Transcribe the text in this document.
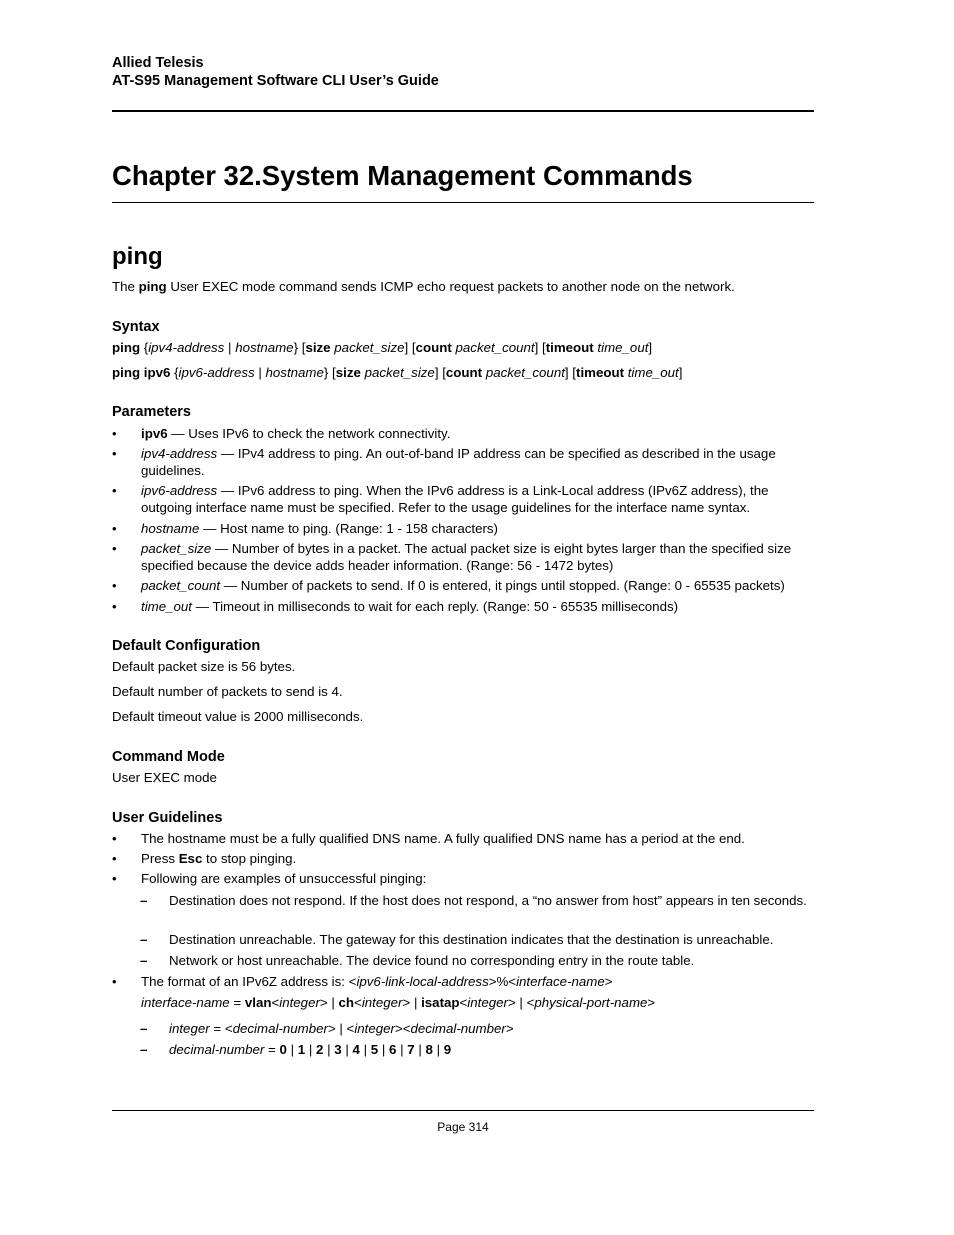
Allied Telesis
AT-S95 Management Software CLI User’s Guide
Chapter 32.System Management Commands
ping
The ping User EXEC mode command sends ICMP echo request packets to another node on the network.
Syntax
ping {ipv4-address | hostname} [size packet_size] [count packet_count] [timeout time_out]
ping ipv6 {ipv6-address | hostname} [size packet_size] [count packet_count] [timeout time_out]
Parameters
• ipv6 — Uses IPv6 to check the network connectivity.
• ipv4-address — IPv4 address to ping. An out-of-band IP address can be specified as described in the usage guidelines.
• ipv6-address — IPv6 address to ping. When the IPv6 address is a Link-Local address (IPv6Z address), the outgoing interface name must be specified. Refer to the usage guidelines for the interface name syntax.
• hostname — Host name to ping. (Range: 1 - 158 characters)
• packet_size — Number of bytes in a packet. The actual packet size is eight bytes larger than the specified size specified because the device adds header information. (Range: 56 - 1472 bytes)
• packet_count — Number of packets to send. If 0 is entered, it pings until stopped. (Range: 0 - 65535 packets)
• time_out — Timeout in milliseconds to wait for each reply. (Range: 50 - 65535 milliseconds)
Default Configuration
Default packet size is 56 bytes.
Default number of packets to send is 4.
Default timeout value is 2000 milliseconds.
Command Mode
User EXEC mode
User Guidelines
• The hostname must be a fully qualified DNS name. A fully qualified DNS name has a period at the end.
• Press Esc to stop pinging.
• Following are examples of unsuccessful pinging:
– Destination does not respond. If the host does not respond, a “no answer from host” appears in ten seconds.
– Destination unreachable. The gateway for this destination indicates that the destination is unreachable.
– Network or host unreachable. The device found no corresponding entry in the route table.
• The format of an IPv6Z address is: <ipv6-link-local-address>%<interface-name>
interface-name = vlan<integer> | ch<integer> | isatap<integer> | <physical-port-name>
– integer = <decimal-number> | <integer><decimal-number>
– decimal-number = 0 | 1 | 2 | 3 | 4 | 5 | 6 | 7 | 8 | 9
Page 314
